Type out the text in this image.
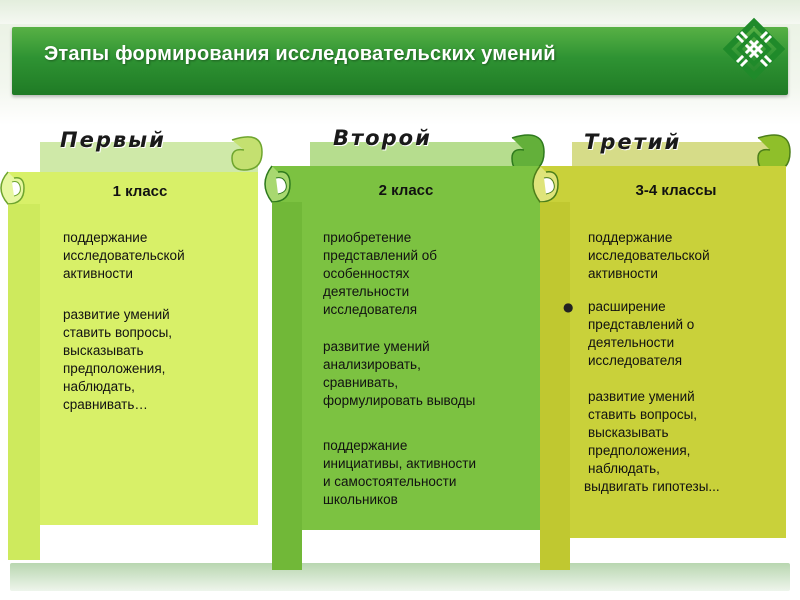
Этапы формирования исследовательских умений
Первый
1 класс
поддержание
исследовательской
активности
развитие умений
ставить вопросы,
высказывать
предположения,
наблюдать,
сравнивать…
Второй
2 класс
приобретение
представлений об
особенностях
деятельности
исследователя
развитие умений
анализировать,
сравнивать,
формулировать выводы
поддержание
инициативы, активности
и самостоятельности
школьников
Третий
3-4 классы
поддержание
исследовательской
активности
● расширение
представлений о
деятельности
исследователя
развитие умений
ставить вопросы,
высказывать
предположения,
наблюдать,
выдвигать гипотезы...
